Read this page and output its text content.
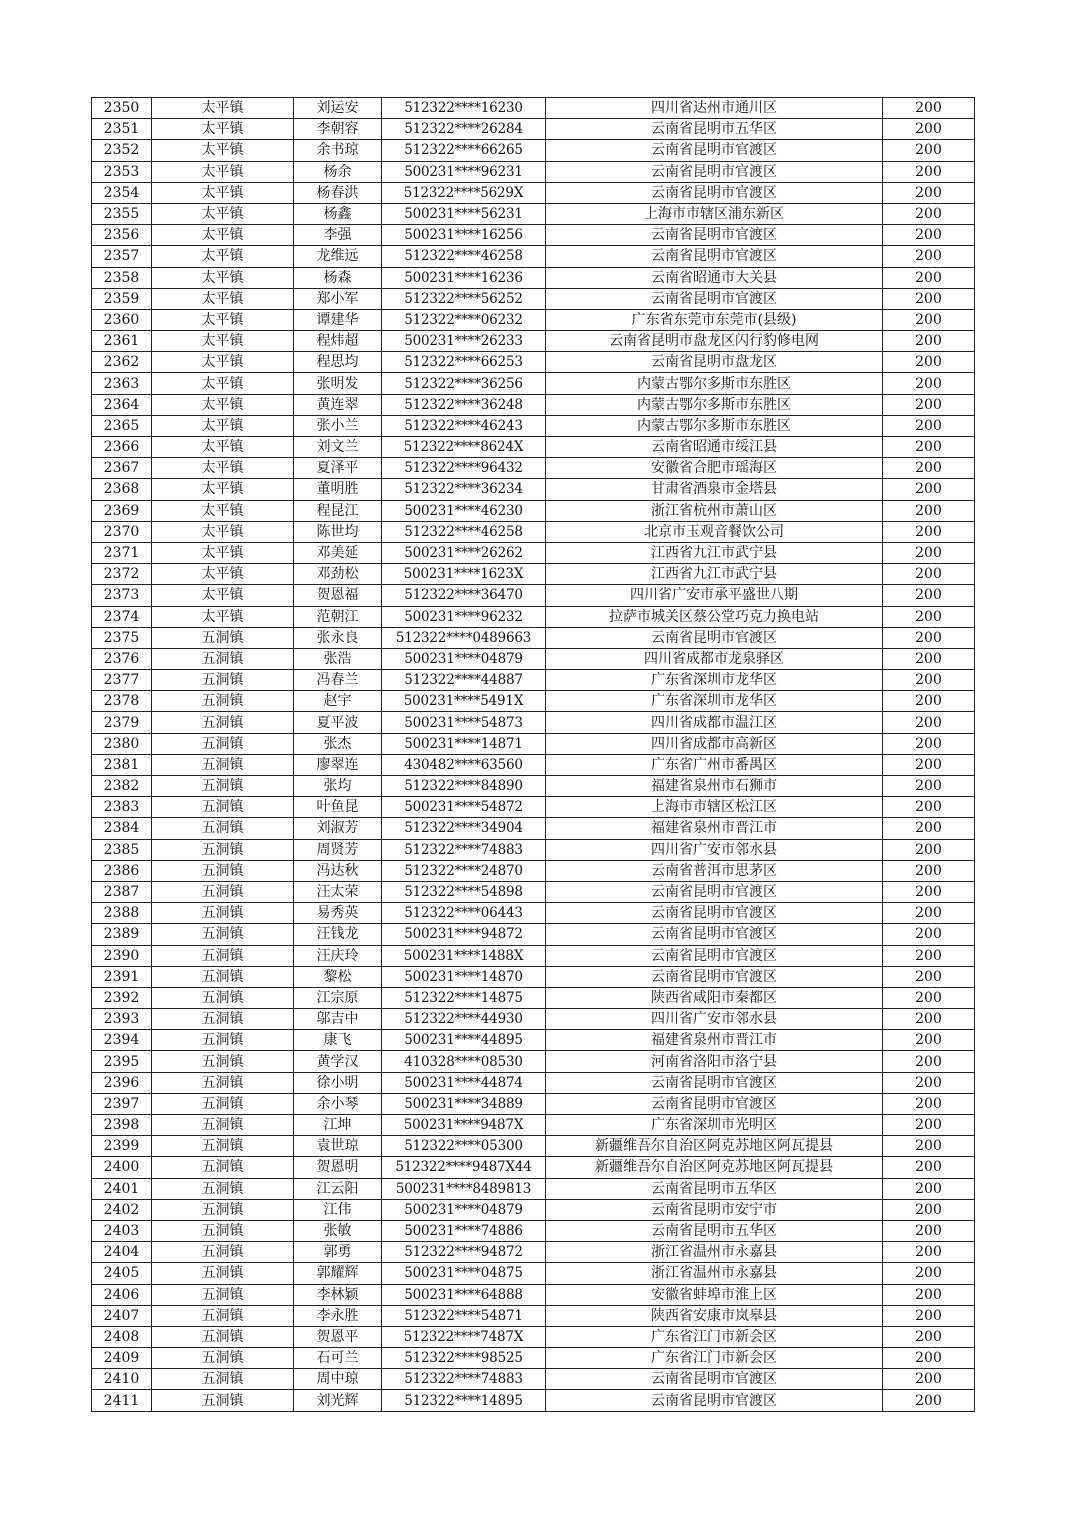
2350	太平镇	刘运安	512322****16230	四川省达州市通川区	200
2351	太平镇	李朝容	512322****26284	云南省昆明市五华区	200
2352	太平镇	余书琼	512322****66265	云南省昆明市官渡区	200
2353	太平镇	杨余	500231****96231	云南省昆明市官渡区	200
2354	太平镇	杨春洪	512322****5629X	云南省昆明市官渡区	200
2355	太平镇	杨鑫	500231****56231	上海市市辖区浦东新区	200
2356	太平镇	李强	500231****16256	云南省昆明市官渡区	200
2357	太平镇	龙维远	512322****46258	云南省昆明市官渡区	200
2358	太平镇	杨森	500231****16236	云南省昭通市大关县	200
2359	太平镇	郑小军	512322****56252	云南省昆明市官渡区	200
2360	太平镇	谭建华	512322****06232	广东省东莞市东莞市(县级)	200
2361	太平镇	程炜超	500231****26233	云南省昆明市盘龙区闪行豹修电网	200
2362	太平镇	程思均	512322****66253	云南省昆明市盘龙区	200
2363	太平镇	张明发	512322****36256	内蒙古鄂尔多斯市东胜区	200
2364	太平镇	黄连翠	512322****36248	内蒙古鄂尔多斯市东胜区	200
2365	太平镇	张小兰	512322****46243	内蒙古鄂尔多斯市东胜区	200
2366	太平镇	刘文兰	512322****8624X	云南省昭通市绥江县	200
2367	太平镇	夏泽平	512322****96432	安徽省合肥市瑶海区	200
2368	太平镇	董明胜	512322****36234	甘肃省酒泉市金塔县	200
2369	太平镇	程昆江	500231****46230	浙江省杭州市萧山区	200
2370	太平镇	陈世均	512322****46258	北京市玉观音餐饮公司	200
2371	太平镇	邓美延	500231****26262	江西省九江市武宁县	200
2372	太平镇	邓劲松	500231****1623X	江西省九江市武宁县	200
2373	太平镇	贺恩福	512322****36470	四川省广安市承平盛世八期	200
2374	太平镇	范朝江	500231****96232	拉萨市城关区蔡公堂巧克力换电站	200
2375	五洞镇	张永良	512322****0489663	云南省昆明市官渡区	200
2376	五洞镇	张浩	500231****04879	四川省成都市龙泉驿区	200
2377	五洞镇	冯春兰	512322****44887	广东省深圳市龙华区	200
2378	五洞镇	赵宇	500231****5491X	广东省深圳市龙华区	200
2379	五洞镇	夏平波	500231****54873	四川省成都市温江区	200
2380	五洞镇	张杰	500231****14871	四川省成都市高新区	200
2381	五洞镇	廖翠连	430482****63560	广东省广州市番禺区	200
2382	五洞镇	张均	512322****84890	福建省泉州市石狮市	200
2383	五洞镇	叶鱼昆	500231****54872	上海市市辖区松江区	200
2384	五洞镇	刘淑芳	512322****34904	福建省泉州市晋江市	200
2385	五洞镇	周贤芳	512322****74883	四川省广安市邻水县	200
2386	五洞镇	冯达秋	512322****24870	云南省普洱市思茅区	200
2387	五洞镇	汪太荣	512322****54898	云南省昆明市官渡区	200
2388	五洞镇	易秀英	512322****06443	云南省昆明市官渡区	200
2389	五洞镇	汪钱龙	500231****94872	云南省昆明市官渡区	200
2390	五洞镇	汪庆玲	500231****1488X	云南省昆明市官渡区	200
2391	五洞镇	黎松	500231****14870	云南省昆明市官渡区	200
2392	五洞镇	江宗原	512322****14875	陕西省咸阳市秦都区	200
2393	五洞镇	邬吉中	512322****44930	四川省广安市邻水县	200
2394	五洞镇	康飞	500231****44895	福建省泉州市晋江市	200
2395	五洞镇	黄学汉	410328****08530	河南省洛阳市洛宁县	200
2396	五洞镇	徐小明	500231****44874	云南省昆明市官渡区	200
2397	五洞镇	余小琴	500231****34889	云南省昆明市官渡区	200
2398	五洞镇	江坤	500231****9487X	广东省深圳市光明区	200
2399	五洞镇	袁世琼	512322****05300	新疆维吾尔自治区阿克苏地区阿瓦提县	200
2400	五洞镇	贺恩明	512322****9487X44	新疆维吾尔自治区阿克苏地区阿瓦提县	200
2401	五洞镇	江云阳	500231****8489813	云南省昆明市五华区	200
2402	五洞镇	江伟	500231****04879	云南省昆明市安宁市	200
2403	五洞镇	张敏	500231****74886	云南省昆明市五华区	200
2404	五洞镇	郭勇	512322****94872	浙江省温州市永嘉县	200
2405	五洞镇	郭耀辉	500231****04875	浙江省温州市永嘉县	200
2406	五洞镇	李林颖	500231****64888	安徽省蚌埠市淮上区	200
2407	五洞镇	李永胜	512322****54871	陕西省安康市岚皋县	200
2408	五洞镇	贺恩平	512322****7487X	广东省江门市新会区	200
2409	五洞镇	石可兰	512322****98525	广东省江门市新会区	200
2410	五洞镇	周中琼	512322****74883	云南省昆明市官渡区	200
2411	五洞镇	刘光辉	512322****14895	云南省昆明市官渡区	200
